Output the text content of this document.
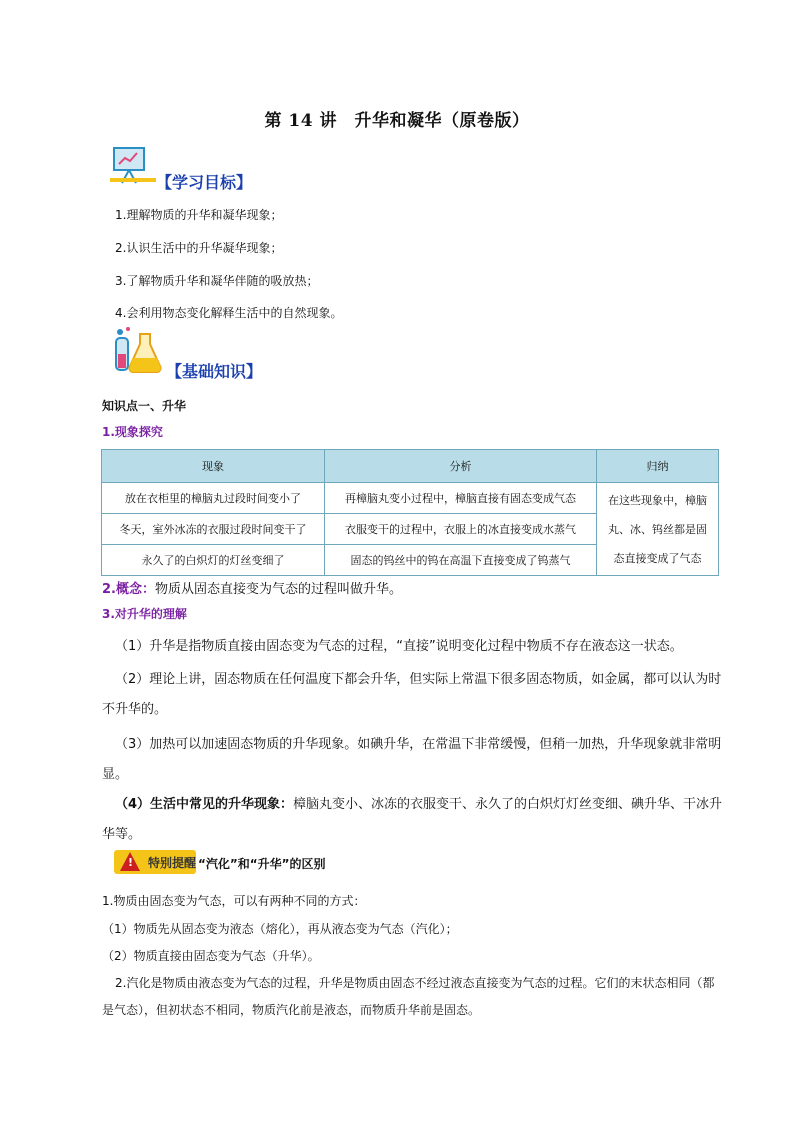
第 14 讲　升华和凝华（原卷版）
【学习目标】
1.理解物质的升华和凝华现象；
2.认识生活中的升华凝华现象；
3.了解物质升华和凝华伴随的吸放热；
4.会利用物态变化解释生活中的自然现象。
【基础知识】
知识点一、升华
1.现象探究
现象	分析	归纳
放在衣柜里的樟脑丸过段时间变小了	再樟脑丸变小过程中，樟脑直接有固态变成气态	在这些现象中，樟脑丸、冰、钨丝都是固态直接变成了气态
冬天，室外冰冻的衣服过段时间变干了	衣服变干的过程中，衣服上的冰直接变成水蒸气	
永久了的白炽灯的灯丝变细了	固态的钨丝中的钨在高温下直接变成了钨蒸气	
2.概念：物质从固态直接变为气态的过程叫做升华。
3.对升华的理解
（1）升华是指物质直接由固态变为气态的过程，“直接”说明变化过程中物质不存在液态这一状态。
（2）理论上讲，固态物质在任何温度下都会升华，但实际上常温下很多固态物质，如金属，都可以认为时不升华的。
（3）加热可以加速固态物质的升华现象。如碘升华，在常温下非常缓慢，但稍一加热，升华现象就非常明显。
（4）生活中常见的升华现象：樟脑丸变小、冰冻的衣服变干、永久了的白炽灯灯丝变细、碘升华、干冰升华等。
! 特别提醒 “汽化”和“升华”的区别
1.物质由固态变为气态，可以有两种不同的方式：
（1）物质先从固态变为液态（熔化），再从液态变为气态（汽化）；
（2）物质直接由固态变为气态（升华）。
2.汽化是物质由液态变为气态的过程，升华是物质由固态不经过液态直接变为气态的过程。它们的末状态相同（都是气态），但初状态不相同，物质汽化前是液态，而物质升华前是固态。
